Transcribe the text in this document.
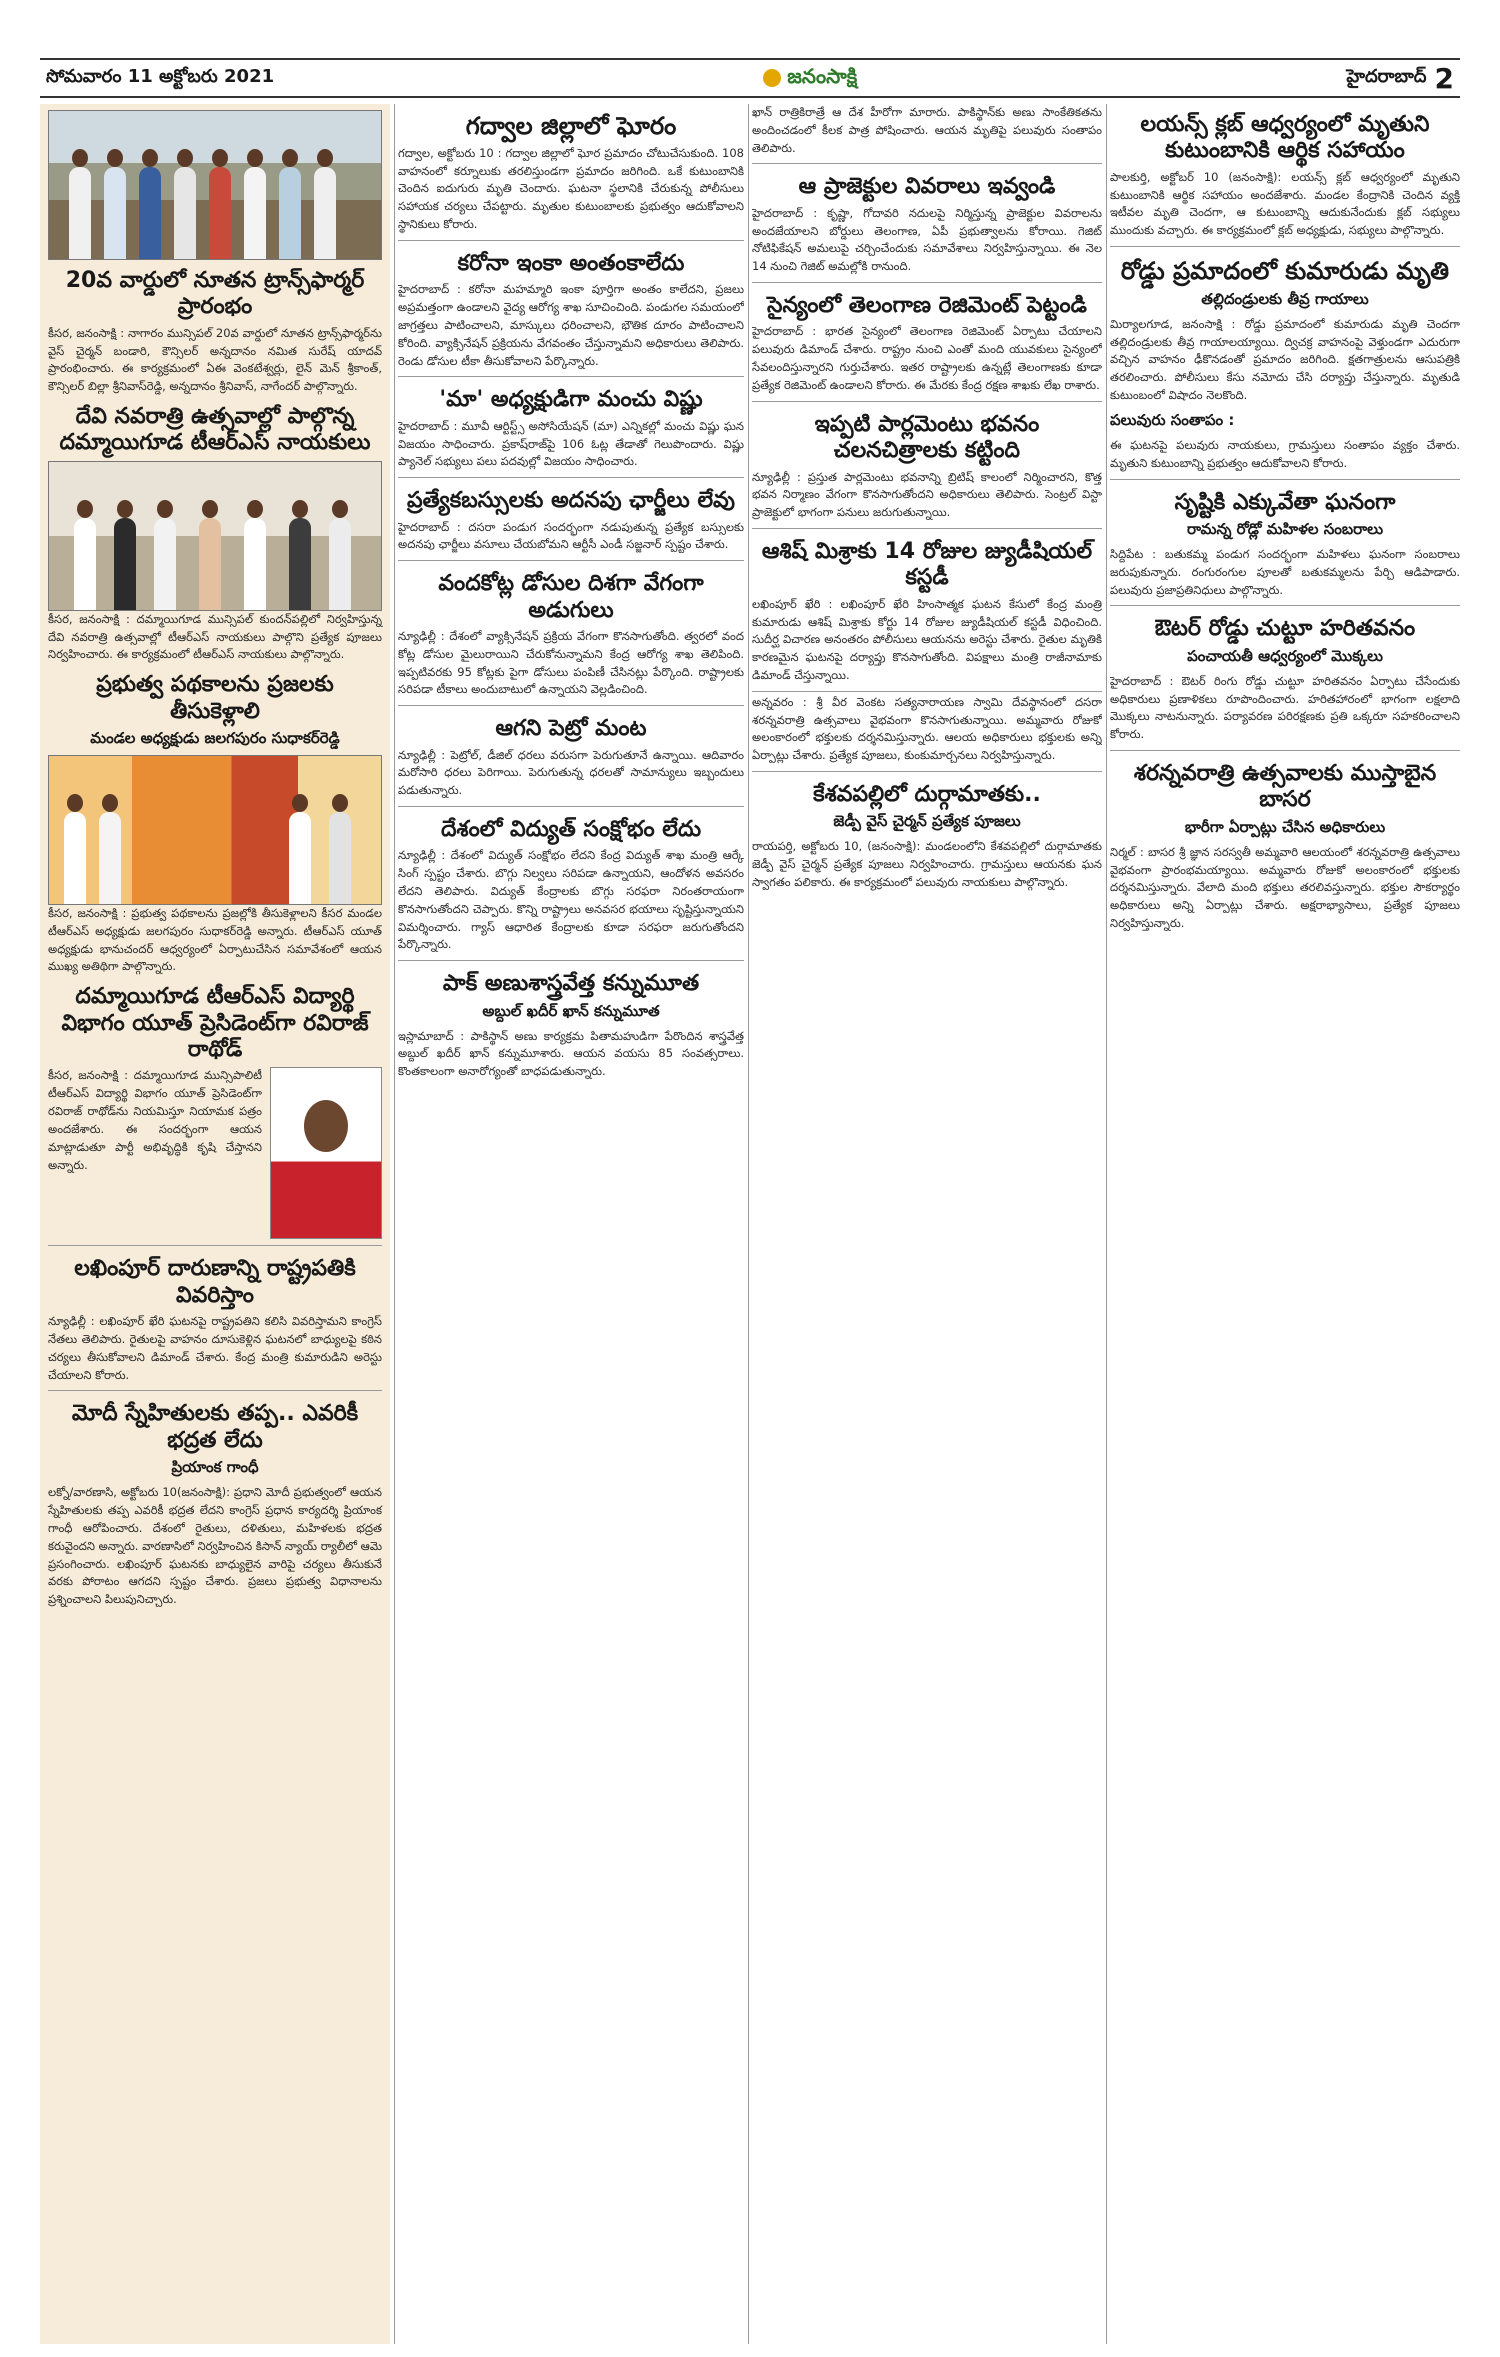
సోమవారం 11 అక్టోబరు 2021	జనంసాక్షి	హైదరాబాద్ 2
20వ వార్డులో నూతన ట్రాన్స్‌ఫార్మర్ ప్రారంభం

కీసర, జనంసాక్షి : నాగారం మున్సిపల్ 20వ వార్డులో నూతన ట్రాన్స్‌ఫార్మర్‌ను వైస్ చైర్మన్ బండారి, కౌన్సిలర్ అన్నదానం నమిత సురేష్ యాదవ్ ప్రారంభించారు. ఈ కార్యక్రమంలో ఏఈ వెంకటేశ్వర్లు, లైన్ మెన్ శ్రీకాంత్, కౌన్సిలర్ బిల్లా శ్రీనివాస్‌రెడ్డి, అన్నదానం శ్రీనివాస్, నాగేందర్ పాల్గొన్నారు.

దేవి నవరాత్రి ఉత్సవాల్లో పాల్గొన్న దమ్మాయిగూడ టీఆర్ఎస్ నాయకులు

కీసర, జనంసాక్షి : దమ్మాయిగూడ మున్సిపల్ కుందన్‌పల్లిలో నిర్వహిస్తున్న దేవి నవరాత్రి ఉత్సవాల్లో టీఆర్ఎస్ నాయకులు పాల్గొని ప్రత్యేక పూజలు నిర్వహించారు. ఈ కార్యక్రమంలో టీఆర్ఎస్ నాయకులు పాల్గొన్నారు.

ప్రభుత్వ పథకాలను ప్రజలకు తీసుకెళ్లాలి
మండల అధ్యక్షుడు జలగపురం సుధాకర్‌రెడ్డి

కీసర, జనంసాక్షి : ప్రభుత్వ పథకాలను ప్రజల్లోకి తీసుకెళ్లాలని కీసర మండల టీఆర్ఎస్ అధ్యక్షుడు జలగపురం సుధాకర్‌రెడ్డి అన్నారు. టీఆర్ఎస్ యూత్ అధ్యక్షుడు భానుచందర్ ఆధ్వర్యంలో ఏర్పాటుచేసిన సమావేశంలో ఆయన ముఖ్య అతిథిగా పాల్గొన్నారు.

దమ్మాయిగూడ టీఆర్ఎస్ విద్యార్థి విభాగం యూత్ ప్రెసిడెంట్‌గా రవిరాజ్ రాథోడ్

కీసర, జనంసాక్షి : దమ్మాయిగూడ మున్సిపాలిటీ టీఆర్ఎస్ విద్యార్థి విభాగం యూత్ ప్రెసిడెంట్‌గా రవిరాజ్ రాథోడ్‌ను నియమిస్తూ నియామక పత్రం అందజేశారు. ఈ సందర్భంగా ఆయన మాట్లాడుతూ పార్టీ అభివృద్ధికి కృషి చేస్తానని అన్నారు.

లఖింపూర్ దారుణాన్ని రాష్ట్రపతికి వివరిస్తాం

న్యూఢిల్లీ : లఖింపూర్ ఖేరి ఘటనపై రాష్ట్రపతిని కలిసి వివరిస్తామని కాంగ్రెస్ నేతలు తెలిపారు. రైతులపై వాహనం దూసుకెళ్లిన ఘటనలో బాధ్యులపై కఠిన చర్యలు తీసుకోవాలని డిమాండ్ చేశారు. కేంద్ర మంత్రి కుమారుడిని అరెస్టు చేయాలని కోరారు.

మోదీ స్నేహితులకు తప్ప.. ఎవరికీ భద్రత లేదు
ప్రియాంక గాంధీ

లక్నో/వారణాసి, అక్టోబరు 10(జనంసాక్షి): ప్రధాని మోదీ ప్రభుత్వంలో ఆయన స్నేహితులకు తప్ప ఎవరికీ భద్రత లేదని కాంగ్రెస్ ప్రధాన కార్యదర్శి ప్రియాంక గాంధీ ఆరోపించారు. దేశంలో రైతులు, దళితులు, మహిళలకు భద్రత కరువైందని అన్నారు. వారణాసిలో నిర్వహించిన కిసాన్ న్యాయ్ ర్యాలీలో ఆమె ప్రసంగించారు. లఖింపూర్ ఘటనకు బాధ్యులైన వారిపై చర్యలు తీసుకునే వరకు పోరాటం ఆగదని స్పష్టం చేశారు. ప్రజలు ప్రభుత్వ విధానాలను ప్రశ్నించాలని పిలుపునిచ్చారు.

గద్వాల జిల్లాలో ఘోరం

గద్వాల, అక్టోబరు 10 : గద్వాల జిల్లాలో ఘోర ప్రమాదం చోటుచేసుకుంది. 108 వాహనంలో కర్నూలుకు తరలిస్తుండగా ప్రమాదం జరిగింది. ఒకే కుటుంబానికి చెందిన ఐదుగురు మృతి చెందారు. ఘటనా స్థలానికి చేరుకున్న పోలీసులు సహాయక చర్యలు చేపట్టారు. మృతుల కుటుంబాలకు ప్రభుత్వం ఆదుకోవాలని స్థానికులు కోరారు.

కరోనా ఇంకా అంతంకాలేదు

హైదరాబాద్ : కరోనా మహమ్మారి ఇంకా పూర్తిగా అంతం కాలేదని, ప్రజలు అప్రమత్తంగా ఉండాలని వైద్య ఆరోగ్య శాఖ సూచించింది. పండుగల సమయంలో జాగ్రత్తలు పాటించాలని, మాస్కులు ధరించాలని, భౌతిక దూరం పాటించాలని కోరింది. వ్యాక్సినేషన్ ప్రక్రియను వేగవంతం చేస్తున్నామని అధికారులు తెలిపారు. రెండు డోసుల టీకా తీసుకోవాలని పేర్కొన్నారు.

'మా' అధ్యక్షుడిగా మంచు విష్ణు

హైదరాబాద్ : మూవీ ఆర్టిస్ట్స్ అసోసియేషన్ (మా) ఎన్నికల్లో మంచు విష్ణు ఘన విజయం సాధించారు. ప్రకాష్‌రాజ్‌పై 106 ఓట్ల తేడాతో గెలుపొందారు. విష్ణు ప్యానెల్ సభ్యులు పలు పదవుల్లో విజయం సాధించారు.

ప్రత్యేకబస్సులకు అదనపు ఛార్జీలు లేవు

హైదరాబాద్ : దసరా పండుగ సందర్భంగా నడుపుతున్న ప్రత్యేక బస్సులకు అదనపు ఛార్జీలు వసూలు చేయబోమని ఆర్టీసీ ఎండీ సజ్జనార్ స్పష్టం చేశారు.

వందకోట్ల డోసుల దిశగా వేగంగా అడుగులు

న్యూఢిల్లీ : దేశంలో వ్యాక్సినేషన్ ప్రక్రియ వేగంగా కొనసాగుతోంది. త్వరలో వంద కోట్ల డోసుల మైలురాయిని చేరుకోనున్నామని కేంద్ర ఆరోగ్య శాఖ తెలిపింది. ఇప్పటివరకు 95 కోట్లకు పైగా డోసులు పంపిణీ చేసినట్లు పేర్కొంది. రాష్ట్రాలకు సరిపడా టీకాలు అందుబాటులో ఉన్నాయని వెల్లడించింది.

ఆగని పెట్రో మంట

న్యూఢిల్లీ : పెట్రోల్, డీజిల్ ధరలు వరుసగా పెరుగుతూనే ఉన్నాయి. ఆదివారం మరోసారి ధరలు పెరిగాయి. పెరుగుతున్న ధరలతో సామాన్యులు ఇబ్బందులు పడుతున్నారు.

దేశంలో విద్యుత్ సంక్షోభం లేదు

న్యూఢిల్లీ : దేశంలో విద్యుత్ సంక్షోభం లేదని కేంద్ర విద్యుత్ శాఖ మంత్రి ఆర్కే సింగ్ స్పష్టం చేశారు. బొగ్గు నిల్వలు సరిపడా ఉన్నాయని, ఆందోళన అవసరం లేదని తెలిపారు. విద్యుత్ కేంద్రాలకు బొగ్గు సరఫరా నిరంతరాయంగా కొనసాగుతోందని చెప్పారు. కొన్ని రాష్ట్రాలు అనవసర భయాలు సృష్టిస్తున్నాయని విమర్శించారు. గ్యాస్ ఆధారిత కేంద్రాలకు కూడా సరఫరా జరుగుతోందని పేర్కొన్నారు.

పాక్ అణుశాస్త్రవేత్త కన్నుమూత
అబ్దుల్ ఖదీర్ ఖాన్ కన్నుమూత

ఇస్లామాబాద్ : పాకిస్థాన్ అణు కార్యక్రమ పితామహుడిగా పేరొందిన శాస్త్రవేత్త అబ్దుల్ ఖదీర్ ఖాన్ కన్నుమూశారు. ఆయన వయసు 85 సంవత్సరాలు. కొంతకాలంగా అనారోగ్యంతో బాధపడుతున్నారు.

ఖాన్ రాత్రికిరాత్రే ఆ దేశ హీరోగా మారారు. పాకిస్థాన్‌కు అణు సాంకేతికతను అందించడంలో కీలక పాత్ర పోషించారు. ఆయన మృతిపై పలువురు సంతాపం తెలిపారు.

ఆ ప్రాజెక్టుల వివరాలు ఇవ్వండి

హైదరాబాద్ : కృష్ణా, గోదావరి నదులపై నిర్మిస్తున్న ప్రాజెక్టుల వివరాలను అందజేయాలని బోర్డులు తెలంగాణ, ఏపీ ప్రభుత్వాలను కోరాయి. గెజిట్ నోటిఫికేషన్ అమలుపై చర్చించేందుకు సమావేశాలు నిర్వహిస్తున్నాయి. ఈ నెల 14 నుంచి గెజిట్ అమల్లోకి రానుంది.

సైన్యంలో తెలంగాణ రెజిమెంట్ పెట్టండి

హైదరాబాద్ : భారత సైన్యంలో తెలంగాణ రెజిమెంట్ ఏర్పాటు చేయాలని పలువురు డిమాండ్ చేశారు. రాష్ట్రం నుంచి ఎంతో మంది యువకులు సైన్యంలో సేవలందిస్తున్నారని గుర్తుచేశారు. ఇతర రాష్ట్రాలకు ఉన్నట్లే తెలంగాణకు కూడా ప్రత్యేక రెజిమెంట్ ఉండాలని కోరారు. ఈ మేరకు కేంద్ర రక్షణ శాఖకు లేఖ రాశారు.

ఇప్పటి పార్లమెంటు భవనం చలనచిత్రాలకు కట్టింది

న్యూఢిల్లీ : ప్రస్తుత పార్లమెంటు భవనాన్ని బ్రిటిష్ కాలంలో నిర్మించారని, కొత్త భవన నిర్మాణం వేగంగా కొనసాగుతోందని అధికారులు తెలిపారు. సెంట్రల్ విస్టా ప్రాజెక్టులో భాగంగా పనులు జరుగుతున్నాయి.

ఆశిష్ మిశ్రాకు 14 రోజుల జ్యుడీషియల్ కస్టడీ

లఖింపూర్ ఖేరి : లఖింపూర్ ఖేరి హింసాత్మక ఘటన కేసులో కేంద్ర మంత్రి కుమారుడు ఆశిష్ మిశ్రాకు కోర్టు 14 రోజుల జ్యుడీషియల్ కస్టడీ విధించింది. సుదీర్ఘ విచారణ అనంతరం పోలీసులు ఆయనను అరెస్టు చేశారు. రైతుల మృతికి కారణమైన ఘటనపై దర్యాప్తు కొనసాగుతోంది. విపక్షాలు మంత్రి రాజీనామాకు డిమాండ్ చేస్తున్నాయి.

అన్నవరం : శ్రీ వీర వెంకట సత్యనారాయణ స్వామి దేవస్థానంలో దసరా శరన్నవరాత్రి ఉత్సవాలు వైభవంగా కొనసాగుతున్నాయి. అమ్మవారు రోజుకో అలంకారంలో భక్తులకు దర్శనమిస్తున్నారు. ఆలయ అధికారులు భక్తులకు అన్ని ఏర్పాట్లు చేశారు. ప్రత్యేక పూజలు, కుంకుమార్చనలు నిర్వహిస్తున్నారు.

కేశవపల్లిలో దుర్గామాతకు..
జెడ్పీ వైస్ చైర్మన్ ప్రత్యేక పూజలు

రాయపర్తి, అక్టోబరు 10, (జనంసాక్షి): మండలంలోని కేశవపల్లిలో దుర్గామాతకు జెడ్పీ వైస్ చైర్మన్ ప్రత్యేక పూజలు నిర్వహించారు. గ్రామస్తులు ఆయనకు ఘన స్వాగతం పలికారు. ఈ కార్యక్రమంలో పలువురు నాయకులు పాల్గొన్నారు.

లయన్స్ క్లబ్ ఆధ్వర్యంలో మృతుని కుటుంబానికి ఆర్థిక సహాయం

పాలకుర్తి, అక్టోబర్ 10 (జనంసాక్షి): లయన్స్ క్లబ్ ఆధ్వర్యంలో మృతుని కుటుంబానికి ఆర్థిక సహాయం అందజేశారు. మండల కేంద్రానికి చెందిన వ్యక్తి ఇటీవల మృతి చెందగా, ఆ కుటుంబాన్ని ఆదుకునేందుకు క్లబ్ సభ్యులు ముందుకు వచ్చారు. ఈ కార్యక్రమంలో క్లబ్ అధ్యక్షుడు, సభ్యులు పాల్గొన్నారు.

రోడ్డు ప్రమాదంలో కుమారుడు మృతి
తల్లిదండ్రులకు తీవ్ర గాయాలు

మిర్యాలగూడ, జనంసాక్షి : రోడ్డు ప్రమాదంలో కుమారుడు మృతి చెందగా తల్లిదండ్రులకు తీవ్ర గాయాలయ్యాయి. ద్విచక్ర వాహనంపై వెళ్తుండగా ఎదురుగా వచ్చిన వాహనం ఢీకొనడంతో ప్రమాదం జరిగింది. క్షతగాత్రులను ఆసుపత్రికి తరలించారు. పోలీసులు కేసు నమోదు చేసి దర్యాప్తు చేస్తున్నారు. మృతుడి కుటుంబంలో విషాదం నెలకొంది.

పలువురు సంతాపం :

ఈ ఘటనపై పలువురు నాయకులు, గ్రామస్తులు సంతాపం వ్యక్తం చేశారు. మృతుని కుటుంబాన్ని ప్రభుత్వం ఆదుకోవాలని కోరారు.

సృష్టికి ఎక్కువేతా ఘనంగా
రామన్న రోడ్లో మహిళల సంబరాలు

సిద్దిపేట : బతుకమ్మ పండుగ సందర్భంగా మహిళలు ఘనంగా సంబరాలు జరుపుకున్నారు. రంగురంగుల పూలతో బతుకమ్మలను పేర్చి ఆడిపాడారు. పలువురు ప్రజాప్రతినిధులు పాల్గొన్నారు.

ఔటర్ రోడ్డు చుట్టూ హరితవనం
పంచాయతీ ఆధ్వర్యంలో మొక్కలు

హైదరాబాద్ : ఔటర్ రింగు రోడ్డు చుట్టూ హరితవనం ఏర్పాటు చేసేందుకు అధికారులు ప్రణాళికలు రూపొందించారు. హరితహారంలో భాగంగా లక్షలాది మొక్కలు నాటనున్నారు. పర్యావరణ పరిరక్షణకు ప్రతి ఒక్కరూ సహకరించాలని కోరారు.

శరన్నవరాత్రి ఉత్సవాలకు ముస్తాబైన బాసర
భారీగా ఏర్పాట్లు చేసిన అధికారులు

నిర్మల్ : బాసర శ్రీ జ్ఞాన సరస్వతీ అమ్మవారి ఆలయంలో శరన్నవరాత్రి ఉత్సవాలు వైభవంగా ప్రారంభమయ్యాయి. అమ్మవారు రోజుకో అలంకారంలో భక్తులకు దర్శనమిస్తున్నారు. వేలాది మంది భక్తులు తరలివస్తున్నారు. భక్తుల సౌకర్యార్థం అధికారులు అన్ని ఏర్పాట్లు చేశారు. అక్షరాభ్యాసాలు, ప్రత్యేక పూజలు నిర్వహిస్తున్నారు.
